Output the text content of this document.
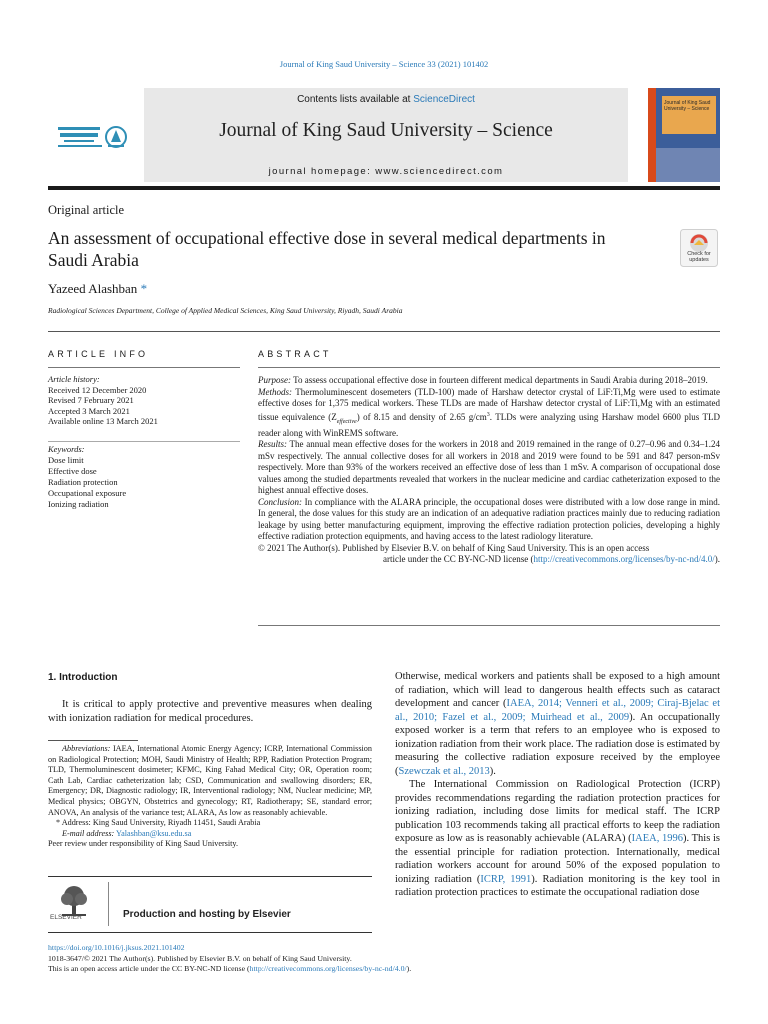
Journal of King Saud University – Science 33 (2021) 101402
Contents lists available at ScienceDirect
Journal of King Saud University – Science
journal homepage: www.sciencedirect.com
Journal of King Saud University – Science
Original article
An assessment of occupational effective dose in several medical departments in Saudi Arabia	Check for updates
Yazeed Alashban *
Radiological Sciences Department, College of Applied Medical Sciences, King Saud University, Riyadh, Saudi Arabia
ARTICLE INFO	ABSTRACT
Article history:
Received 12 December 2020
Revised 7 February 2021
Accepted 3 March 2021
Available online 13 March 2021
Keywords:
Dose limit
Effective dose
Radiation protection
Occupational exposure
Ionizing radiation

Purpose: To assess occupational effective dose in fourteen different medical departments in Saudi Arabia during 2018–2019.

Methods: Thermoluminescent dosemeters (TLD-100) made of Harshaw detector crystal of LiF:Ti,Mg were used to estimate effective doses for 1,375 medical workers. These TLDs are made of Harshaw detector crystal of LiF:Ti,Mg with an estimated tissue equivalence $(Z_{effective})$ of 8.15 and density of 2.65 $g/cm^3$. TLDs were analyzing using Harshaw model 6600 plus TLD reader along with WinREMS software.

Results: The annual mean effective doses for the workers in 2018 and 2019 remained in the range of 0.27–0.96 and 0.34–1.24 mSv respectively. The annual collective doses for all workers in 2018 and 2019 were found to be 591 and 847 person-mSv respectively. More than 93% of the workers received an effective dose of less than 1 mSv. A comparison of occupational dose values among the studied departments revealed that workers in the nuclear medicine and cardiac catheterization exposed to the highest annual effective doses.

Conclusion: In compliance with the ALARA principle, the occupational doses were distributed with a low dose range in mind. In general, the dose values for this study are an indication of an adequative radiation practices mainly due to reducing radiation leakage by using better manufacturing equipment, improving the effective radiation protection policies, developing a highly effective radiation protection equipments, and having access to the latest radiology literature.

© 2021 The Author(s). Published by Elsevier B.V. on behalf of King Saud University. This is an open access

article under the CC BY-NC-ND license (http://creativecommons.org/licenses/by-nc-nd/4.0/).

1. Introduction
It is critical to apply protective and preventive measures when dealing with ionization radiation for medical procedures.

Abbreviations: IAEA, International Atomic Energy Agency; ICRP, International Commission on Radiological Protection; MOH, Saudi Ministry of Health; RPP, Radiation Protection Program; TLD, Thermoluminescent dosimeter; KFMC, King Fahad Medical City; OR, Operation room; Cath Lab, Cardiac catheterization lab; CSD, Communication and swallowing disorders; ER, Emergency; DR, Diagnostic radiology; IR, Interventional radiology; NM, Nuclear medicine; MP, Medical physics; OBGYN, Obstetrics and gynecology; RT, Radiotherapy; SE, standard error; ANOVA, An analysis of the variance test; ALARA, As low as reasonably achievable.

* Address: King Saud University, Riyadh 11451, Saudi Arabia

E-mail address: Yalashban@ksu.edu.sa

Peer review under responsibility of King Saud University.

ELSEVIER	Production and hosting by Elsevier

Otherwise, medical workers and patients shall be exposed to a high amount of radiation, which will lead to dangerous health effects such as cataract development and cancer (IAEA, 2014; Venneri et al., 2009; Ciraj-Bjelac et al., 2010; Fazel et al., 2009; Muirhead et al., 2009). An occupationally exposed worker is a term that refers to an employee who is exposed to ionization radiation from their work place. The radiation dose is estimated by measuring the collective radiation exposure received by the employee (Szewczak et al., 2013).

The International Commission on Radiological Protection (ICRP) provides recommendations regarding the radiation protection practices for ionizing radiation, including dose limits for medical staff. The ICRP publication 103 recommends taking all practical efforts to keep the radiation exposure as low as is reasonably achievable (ALARA) (IAEA, 1996). This is the essential principle for radiation protection. Internationally, medical radiation workers account for around 50% of the exposed population to ionizing radiation (ICRP, 1991). Radiation monitoring is the key tool in radiation protection practices to estimate the occupational radiation dose

https://doi.org/10.1016/j.jksus.2021.101402

1018-3647/© 2021 The Author(s). Published by Elsevier B.V. on behalf of King Saud University.

This is an open access article under the CC BY-NC-ND license (http://creativecommons.org/licenses/by-nc-nd/4.0/).
